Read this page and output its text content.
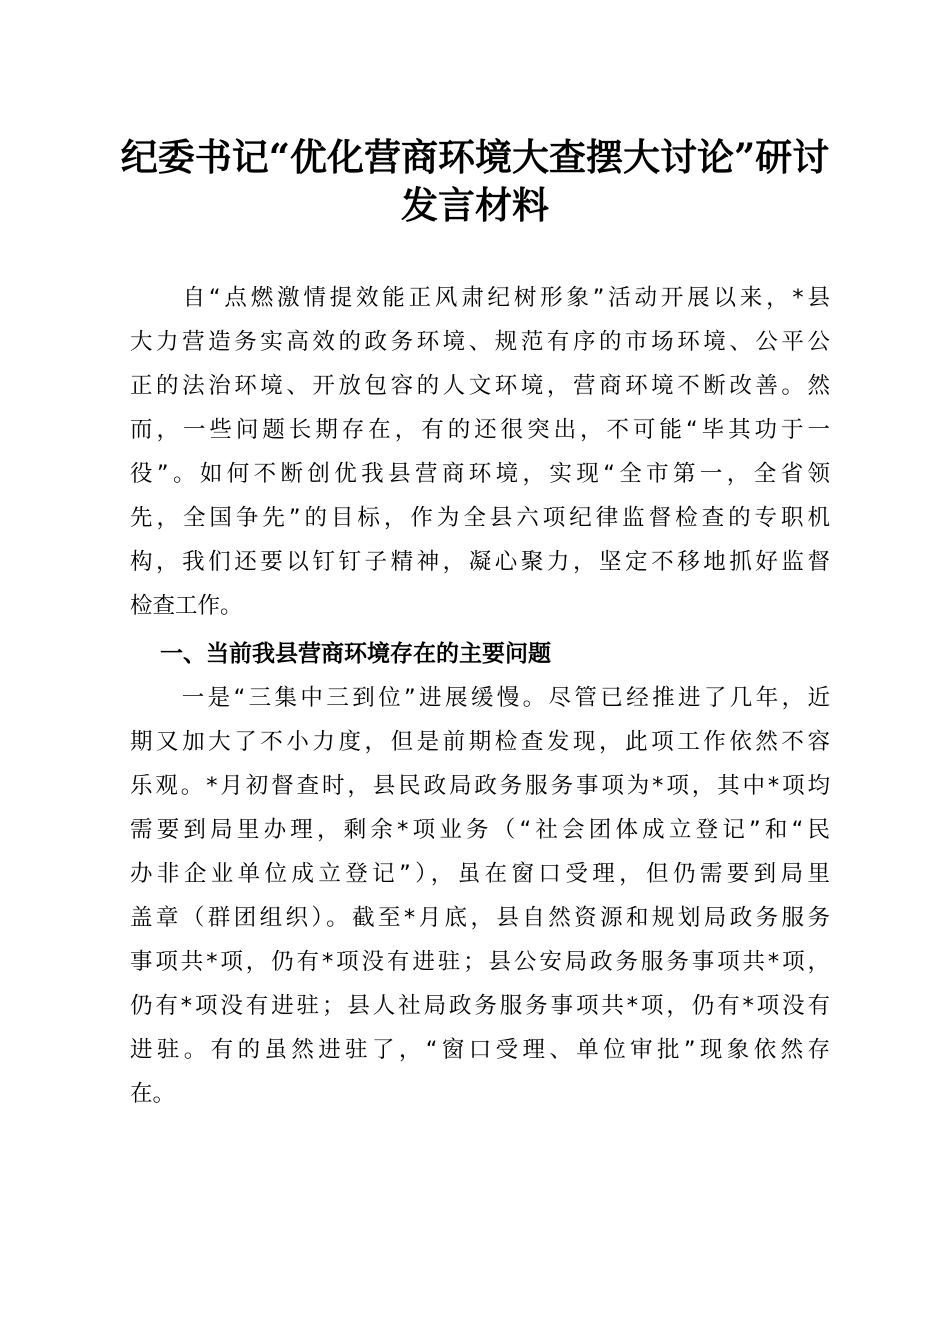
纪委书记“优化营商环境大查摆大讨论”研讨
发言材料
　　自“点燃激情提效能正风肃纪树形象”活动开展以来，*县
大力营造务实高效的政务环境、规范有序的市场环境、公平公
正的法治环境、开放包容的人文环境，营商环境不断改善。然
而，一些问题长期存在，有的还很突出，不可能“毕其功于一
役”。如何不断创优我县营商环境，实现“全市第一，全省领
先，全国争先”的目标，作为全县六项纪律监督检查的专职机
构，我们还要以钉钉子精神，凝心聚力，坚定不移地抓好监督
检查工作。
一、当前我县营商环境存在的主要问题
　　一是“三集中三到位”进展缓慢。尽管已经推进了几年，近
期又加大了不小力度，但是前期检查发现，此项工作依然不容
乐观。*月初督查时，县民政局政务服务事项为*项，其中*项均
需要到局里办理，剩余*项业务（“社会团体成立登记”和“民
办非企业单位成立登记”），虽在窗口受理，但仍需要到局里
盖章（群团组织）。截至*月底，县自然资源和规划局政务服务
事项共*项，仍有*项没有进驻；县公安局政务服务事项共*项，
仍有*项没有进驻；县人社局政务服务事项共*项，仍有*项没有
进驻。有的虽然进驻了，“窗口受理、单位审批”现象依然存
在。
